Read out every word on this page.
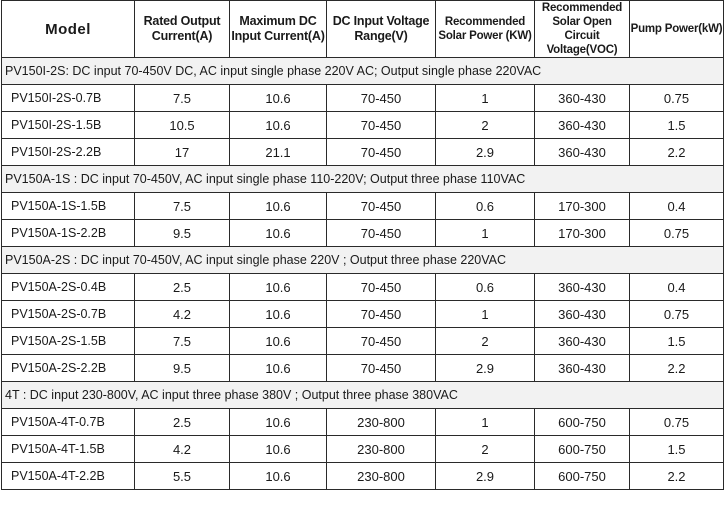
Model	Rated Output Current(A)	Maximum DC Input Current(A)	DC Input Voltage Range(V)	Recommended Solar Power (KW)	Recommended Solar Open Circuit Voltage(VOC)	Pump Power(kW)
PV150I-2S: DC input 70-450V DC, AC input single phase 220V AC; Output single phase 220VAC						
PV150I-2S-0.7B	7.5	10.6	70-450	1	360-430	0.75
PV150I-2S-1.5B	10.5	10.6	70-450	2	360-430	1.5
PV150I-2S-2.2B	17	21.1	70-450	2.9	360-430	2.2
PV150A-1S : DC input 70-450V, AC input single phase 110-220V; Output three phase 110VAC						
PV150A-1S-1.5B	7.5	10.6	70-450	0.6	170-300	0.4
PV150A-1S-2.2B	9.5	10.6	70-450	1	170-300	0.75
PV150A-2S : DC input 70-450V, AC input single phase 220V ; Output three phase 220VAC						
PV150A-2S-0.4B	2.5	10.6	70-450	0.6	360-430	0.4
PV150A-2S-0.7B	4.2	10.6	70-450	1	360-430	0.75
PV150A-2S-1.5B	7.5	10.6	70-450	2	360-430	1.5
PV150A-2S-2.2B	9.5	10.6	70-450	2.9	360-430	2.2
4T : DC input 230-800V, AC input three phase 380V ; Output three phase 380VAC						
PV150A-4T-0.7B	2.5	10.6	230-800	1	600-750	0.75
PV150A-4T-1.5B	4.2	10.6	230-800	2	600-750	1.5
PV150A-4T-2.2B	5.5	10.6	230-800	2.9	600-750	2.2
